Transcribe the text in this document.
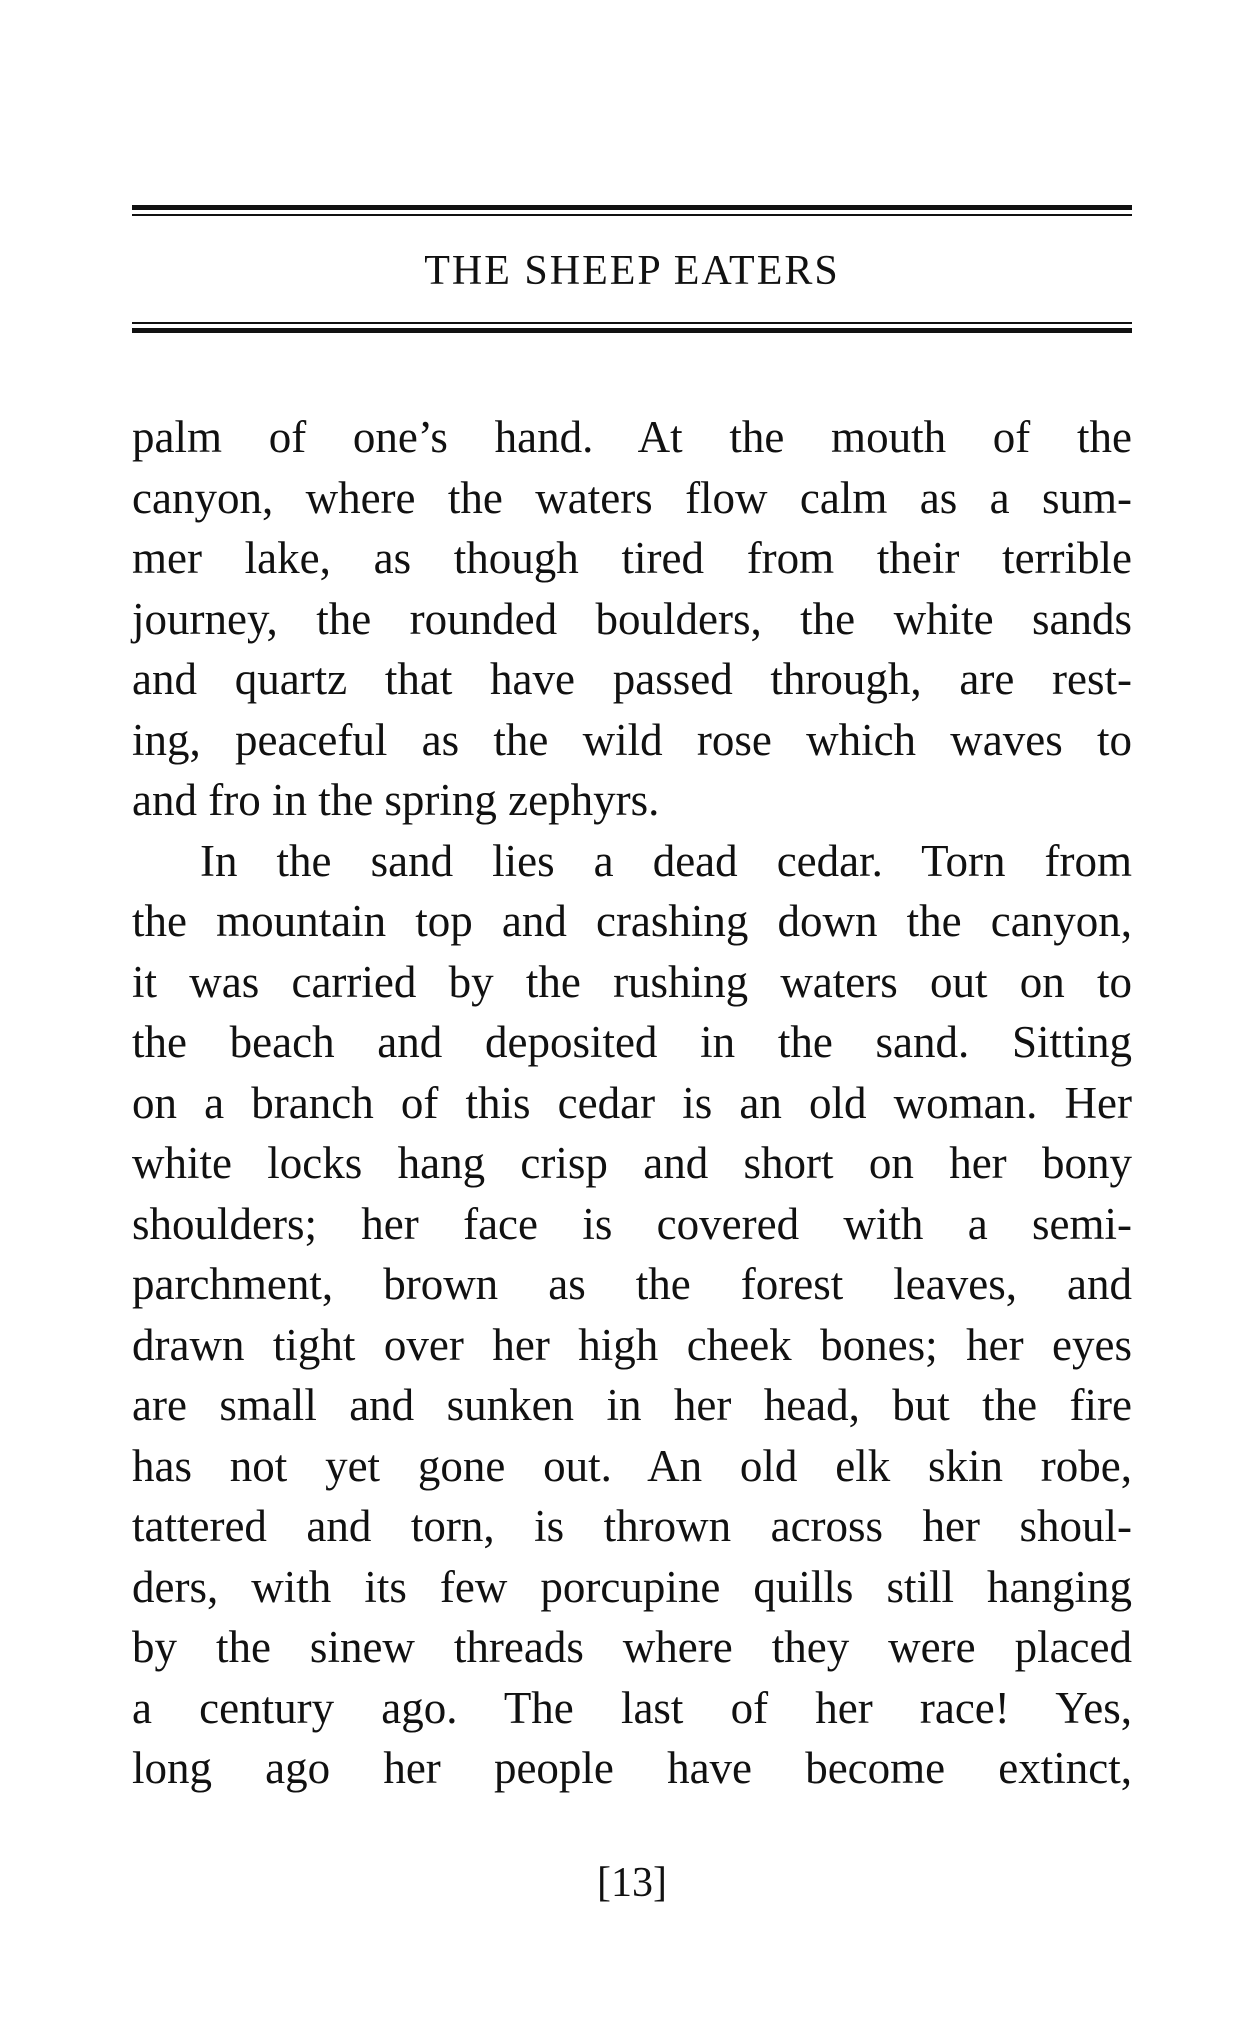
THE SHEEP EATERS
palm of one’s hand. At the mouth of the
canyon, where the waters flow calm as a sum-
mer lake, as though tired from their terrible
journey, the rounded boulders, the white sands
and quartz that have passed through, are rest-
ing, peaceful as the wild rose which waves to
and fro in the spring zephyrs.
In the sand lies a dead cedar. Torn from
the mountain top and crashing down the canyon,
it was carried by the rushing waters out on to
the beach and deposited in the sand. Sitting
on a branch of this cedar is an old woman. Her
white locks hang crisp and short on her bony
shoulders; her face is covered with a semi-
parchment, brown as the forest leaves, and
drawn tight over her high cheek bones; her eyes
are small and sunken in her head, but the fire
has not yet gone out. An old elk skin robe,
tattered and torn, is thrown across her shoul-
ders, with its few porcupine quills still hanging
by the sinew threads where they were placed
a century ago. The last of her race! Yes,
long ago her people have become extinct,
[13]
